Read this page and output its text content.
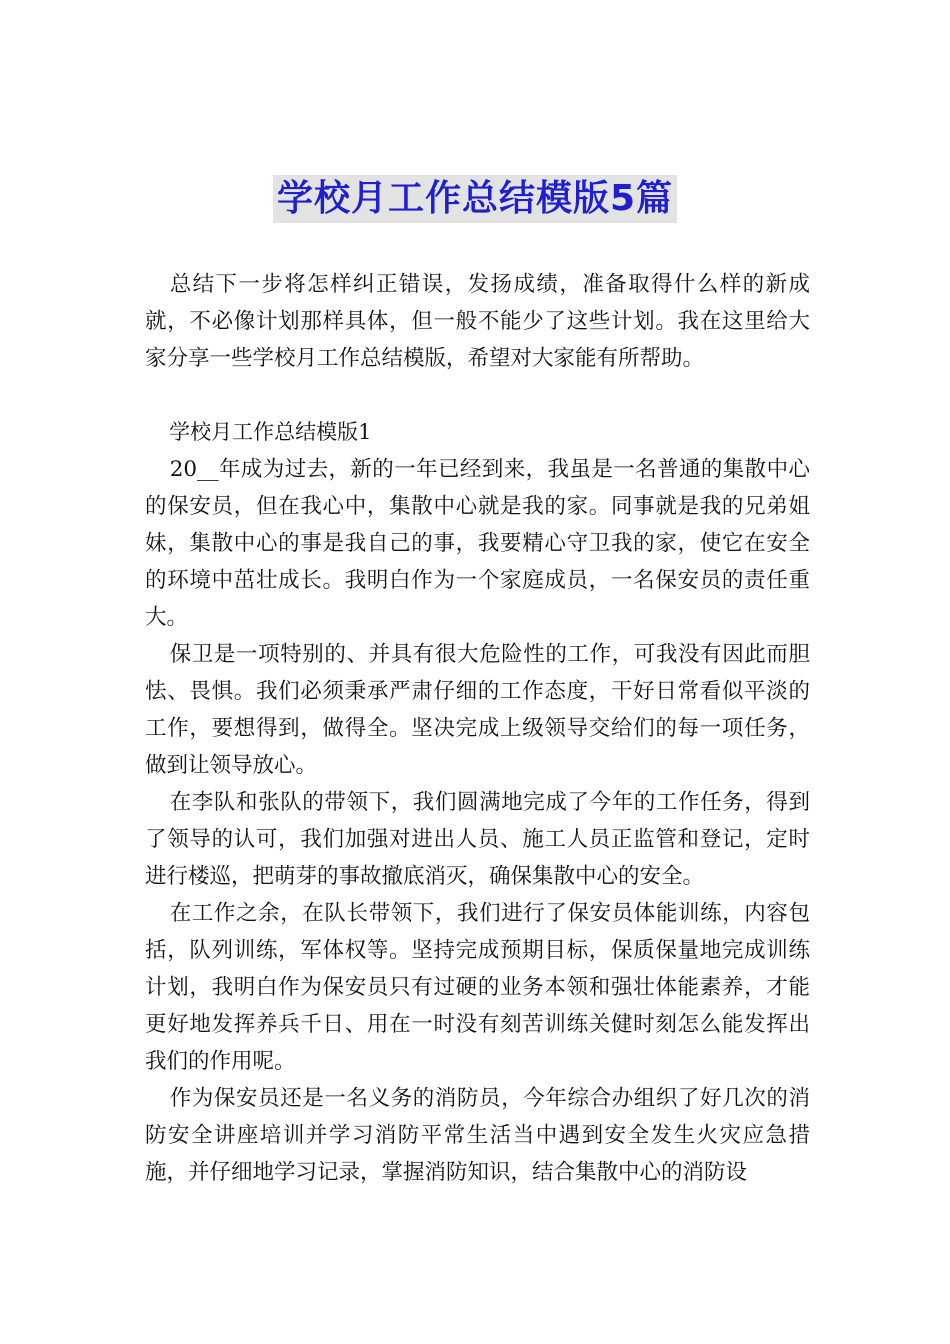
学校月工作总结模版5篇

总结下一步将怎样纠正错误，发扬成绩，准备取得什么样的新成就，不必像计划那样具体，但一般不能少了这些计划。我在这里给大家分享一些学校月工作总结模版，希望对大家能有所帮助。

学校月工作总结模版1

20__年成为过去，新的一年已经到来，我虽是一名普通的集散中心的保安员，但在我心中，集散中心就是我的家。同事就是我的兄弟姐妹，集散中心的事是我自己的事，我要精心守卫我的家，使它在安全的环境中茁壮成长。我明白作为一个家庭成员，一名保安员的责任重大。

保卫是一项特别的、并具有很大危险性的工作，可我没有因此而胆怯、畏惧。我们必须秉承严肃仔细的工作态度，干好日常看似平淡的工作，要想得到，做得全。坚决完成上级领导交给们的每一项任务，做到让领导放心。

在李队和张队的带领下，我们圆满地完成了今年的工作任务，得到了领导的认可，我们加强对进出人员、施工人员正监管和登记，定时进行楼巡，把萌芽的事故撤底消灭，确保集散中心的安全。

在工作之余，在队长带领下，我们进行了保安员体能训练，内容包括，队列训练，军体权等。坚持完成预期目标，保质保量地完成训练计划，我明白作为保安员只有过硬的业务本领和强壮体能素养，才能更好地发挥养兵千日、用在一时没有刻苦训练关健时刻怎么能发挥出我们的作用呢。

作为保安员还是一名义务的消防员，今年综合办组织了好几次的消防安全讲座培训并学习消防平常生活当中遇到安全发生火灾应急措施，并仔细地学习记录，掌握消防知识，结合集散中心的消防设
